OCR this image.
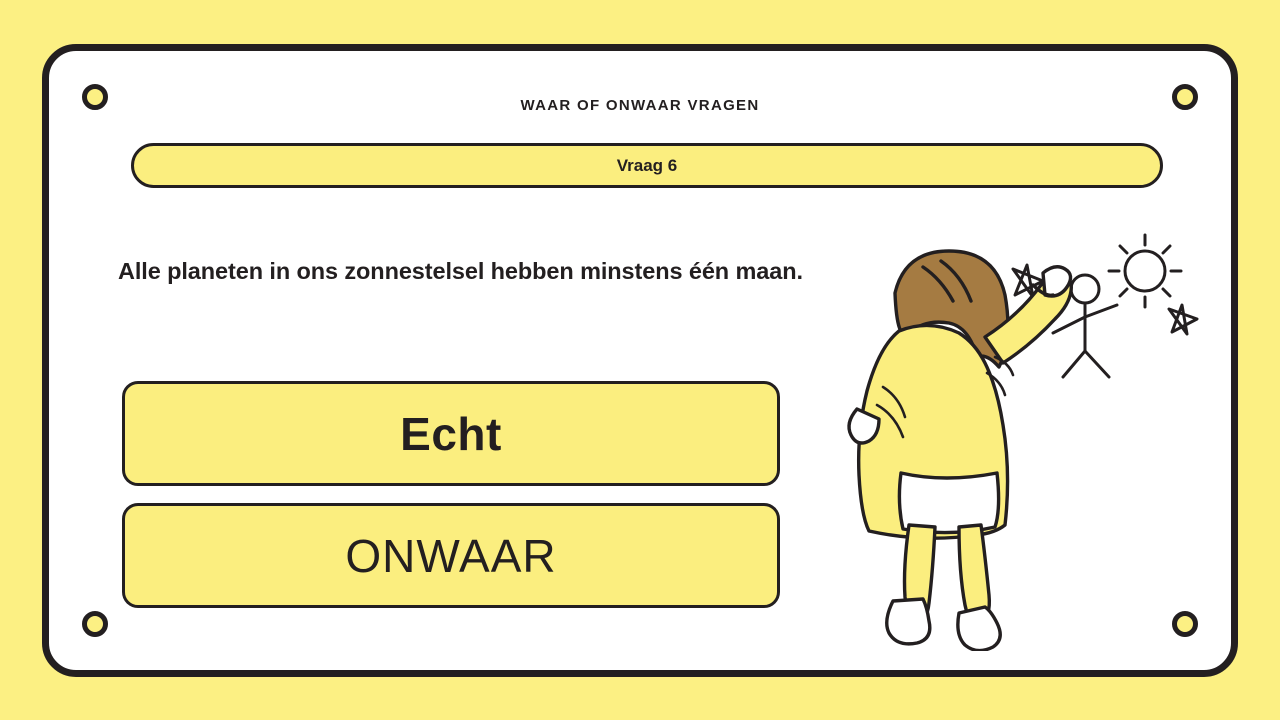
WAAR OF ONWAAR VRAGEN
Vraag 6
Alle planeten in ons zonnestelsel hebben minstens één maan.
Echt
ONWAAR
